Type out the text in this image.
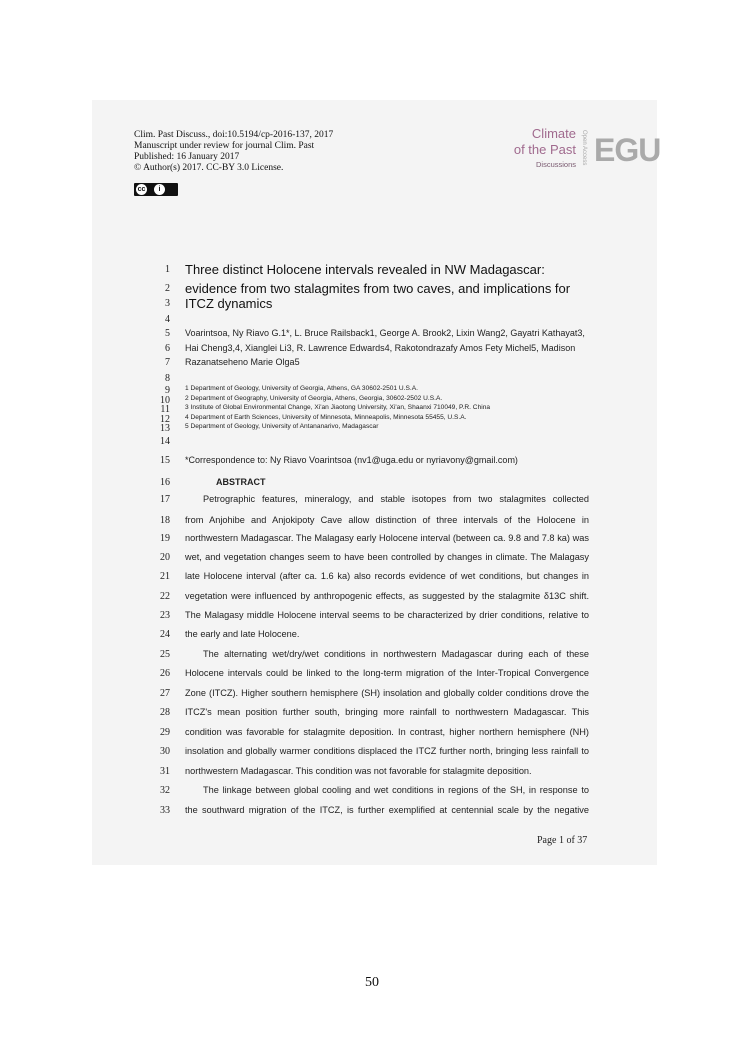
Clim. Past Discuss., doi:10.5194/cp-2016-137, 2017
Manuscript under review for journal Clim. Past
Published: 16 January 2017
© Author(s) 2017. CC-BY 3.0 License.
cc	i
Climate
of the Past
Discussions Open Access EGU
1 Three distinct Holocene intervals revealed in NW Madagascar:
2 evidence from two stalagmites from two caves, and implications for
3 ITCZ dynamics
4
5 Voarintsoa, Ny Riavo G.1*, L. Bruce Railsback1, George A. Brook2, Lixin Wang2, Gayatri Kathayat3,
6 Hai Cheng3,4, Xianglei Li3, R. Lawrence Edwards4, Rakotondrazafy Amos Fety Michel5, Madison
7 Razanatseheno Marie Olga5
8
9 1 Department of Geology, University of Georgia, Athens, GA 30602-2501 U.S.A.
10 2 Department of Geography, University of Georgia, Athens, Georgia, 30602-2502 U.S.A.
11 3 Institute of Global Environmental Change, Xi'an Jiaotong University, Xi'an, Shaanxi 710049, P.R. China
12 4 Department of Earth Sciences, University of Minnesota, Minneapolis, Minnesota 55455, U.S.A.
13 5 Department of Geology, University of Antananarivo, Madagascar
14
15 *Correspondence to: Ny Riavo Voarintsoa (nv1@uga.edu or nyriavony@gmail.com)
16	ABSTRACT
17	Petrographic features, mineralogy, and stable isotopes from two stalagmites collected
18 from Anjohibe and Anjokipoty Cave allow distinction of three intervals of the Holocene in
19 northwestern Madagascar. The Malagasy early Holocene interval (between ca. 9.8 and 7.8 ka) was
20 wet, and vegetation changes seem to have been controlled by changes in climate. The Malagasy
21 late Holocene interval (after ca. 1.6 ka) also records evidence of wet conditions, but changes in
22 vegetation were influenced by anthropogenic effects, as suggested by the stalagmite δ13C shift.
23 The Malagasy middle Holocene interval seems to be characterized by drier conditions, relative to
24 the early and late Holocene.
25	The alternating wet/dry/wet conditions in northwestern Madagascar during each of these
26 Holocene intervals could be linked to the long-term migration of the Inter-Tropical Convergence
27 Zone (ITCZ). Higher southern hemisphere (SH) insolation and globally colder conditions drove the
28 ITCZ's mean position further south, bringing more rainfall to northwestern Madagascar. This
29 condition was favorable for stalagmite deposition. In contrast, higher northern hemisphere (NH)
30 insolation and globally warmer conditions displaced the ITCZ further north, bringing less rainfall to
31 northwestern Madagascar. This condition was not favorable for stalagmite deposition.
32	The linkage between global cooling and wet conditions in regions of the SH, in response to
33 the southward migration of the ITCZ, is further exemplified at centennial scale by the negative
Page 1 of 37
50
